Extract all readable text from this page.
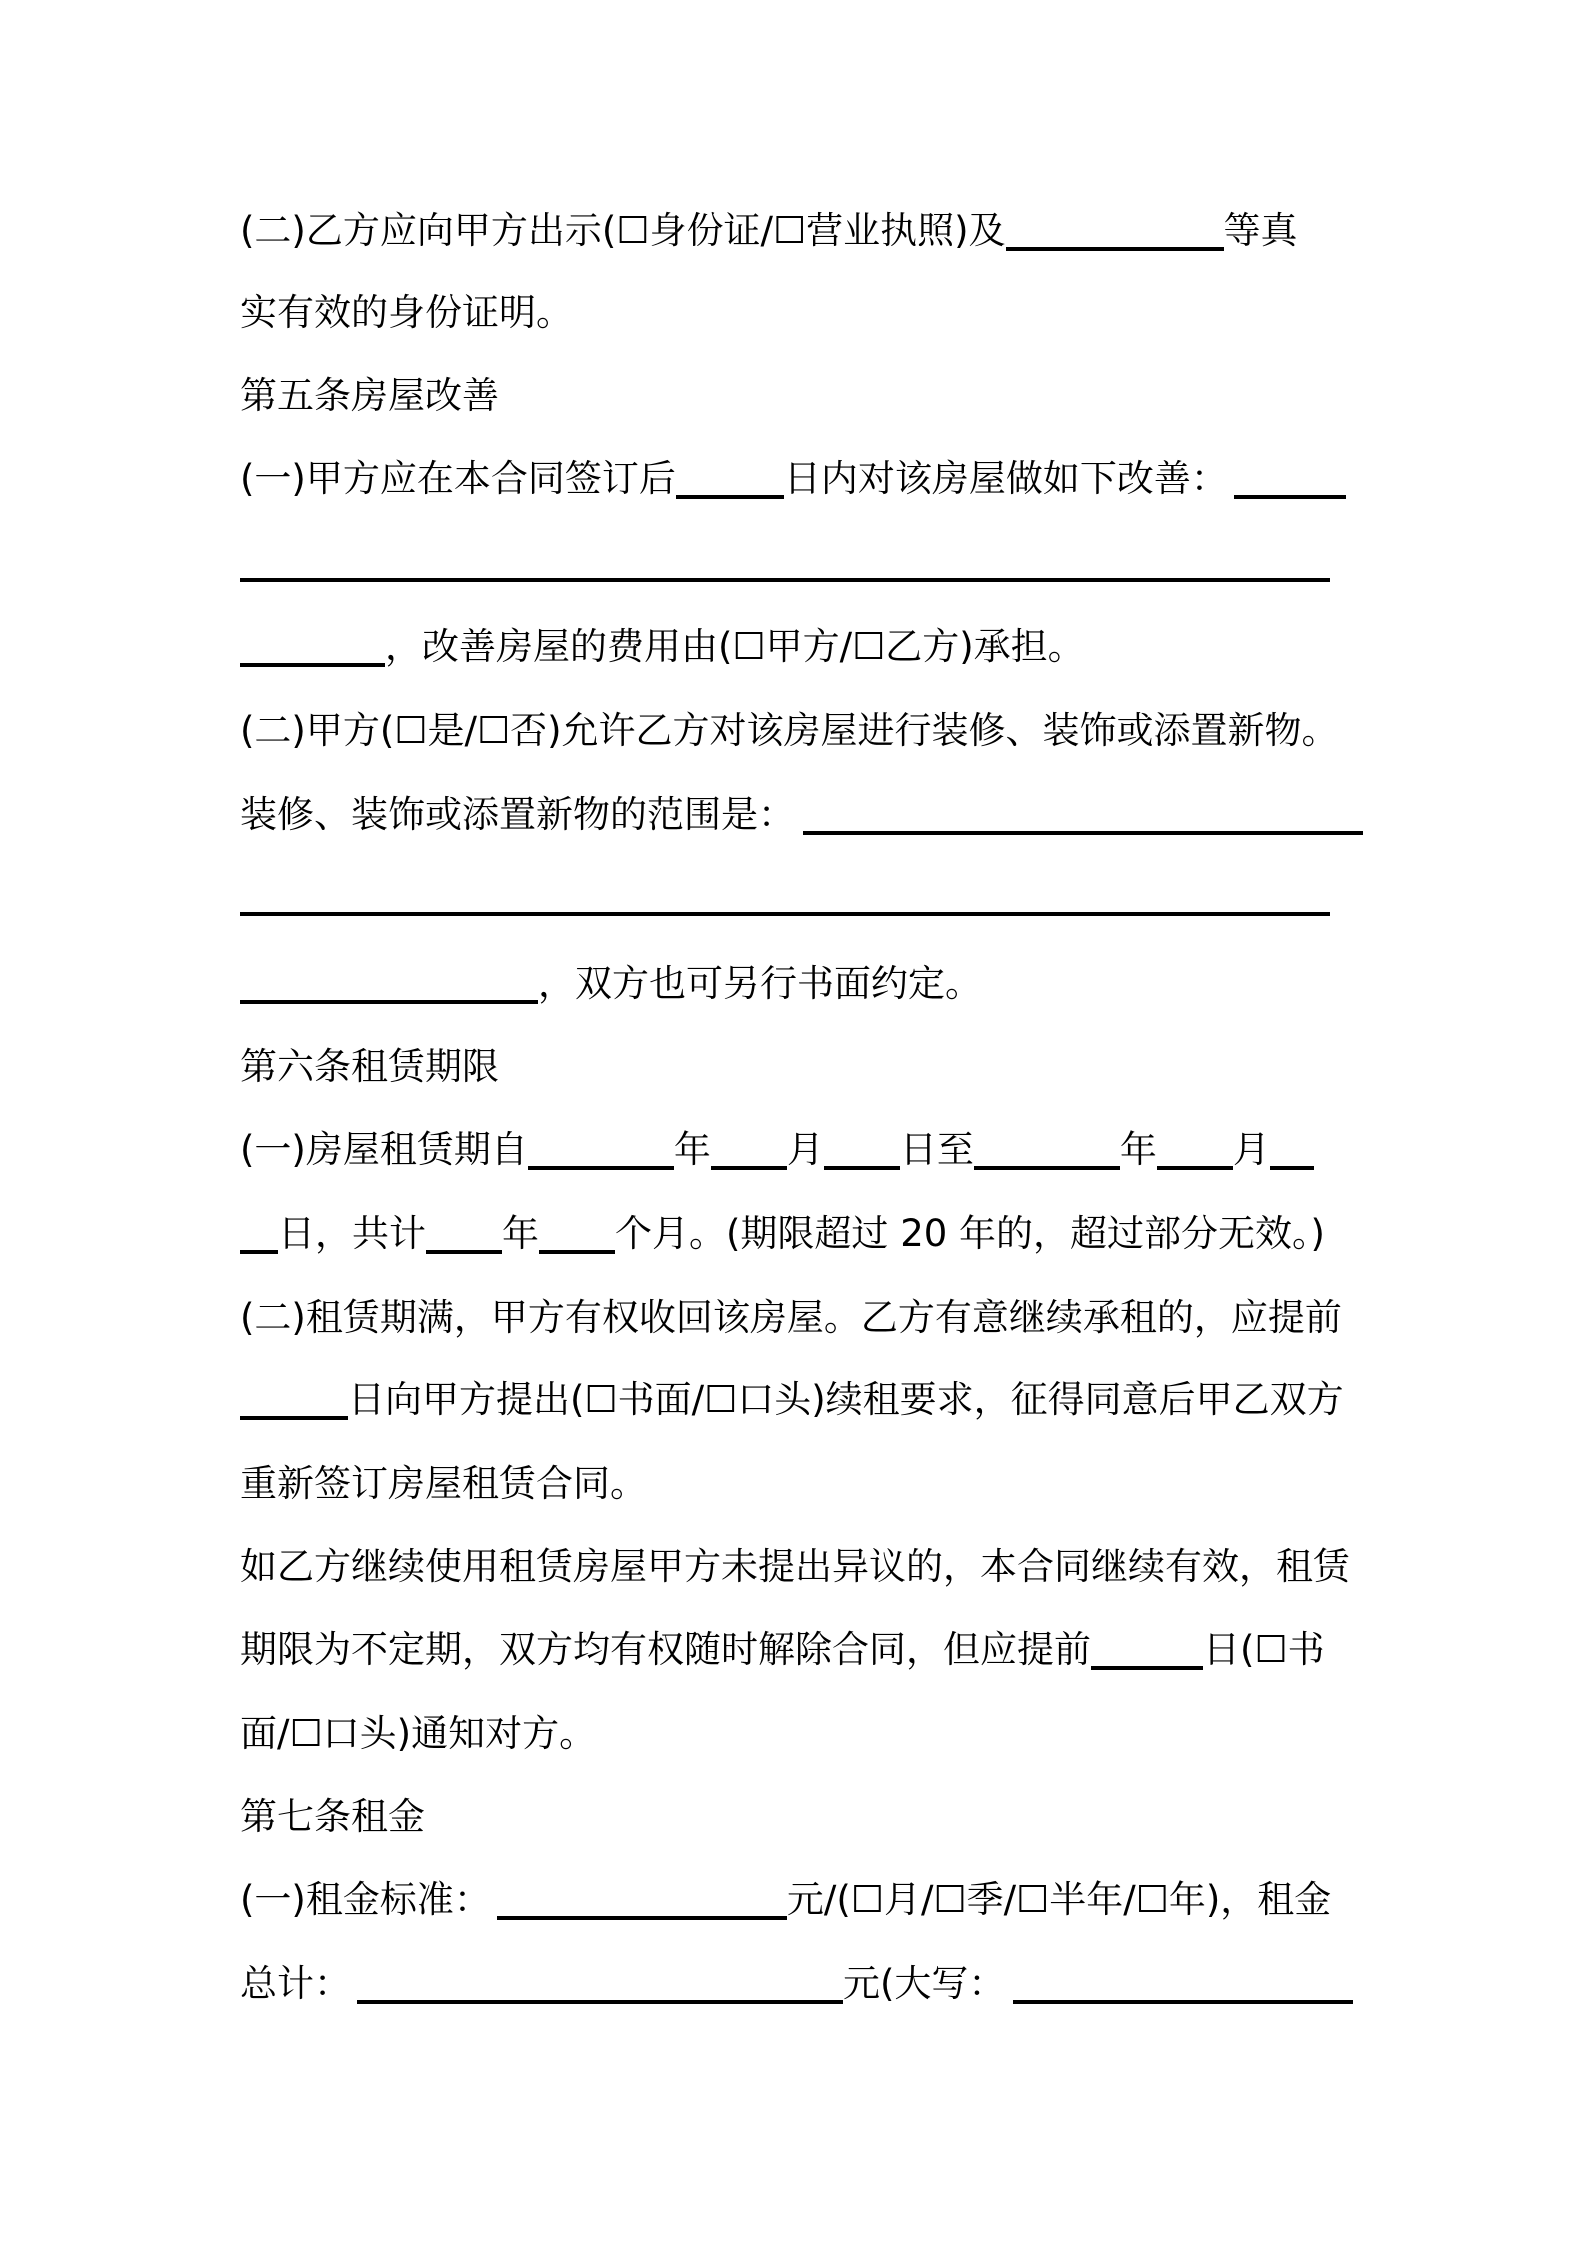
(二)乙方应向甲方出示(☐身份证/☐营业执照)及	等真
实有效的身份证明。
第五条房屋改善
(一)甲方应在本合同签订后	日内对该房屋做如下改善：
，改善房屋的费用由(☐甲方/☐乙方)承担。
(二)甲方(☐是/☐否)允许乙方对该房屋进行装修、装饰或添置新物。
装修、装饰或添置新物的范围是：
，双方也可另行书面约定。
第六条租赁期限
(一)房屋租赁期自	年 月 日至	年 月
日，共计 年 个月。(期限超过 20 年的，超过部分无效。)
(二)租赁期满，甲方有权收回该房屋。乙方有意继续承租的，应提前
日向甲方提出(☐书面/☐口头)续租要求，征得同意后甲乙双方
重新签订房屋租赁合同。
如乙方继续使用租赁房屋甲方未提出异议的，本合同继续有效，租赁
期限为不定期，双方均有权随时解除合同，但应提前	日(☐书
面/☐口头)通知对方。
第七条租金
(一)租金标准：	元/(☐月/☐季/☐半年/☐年)，租金
总计：	元(大写：
